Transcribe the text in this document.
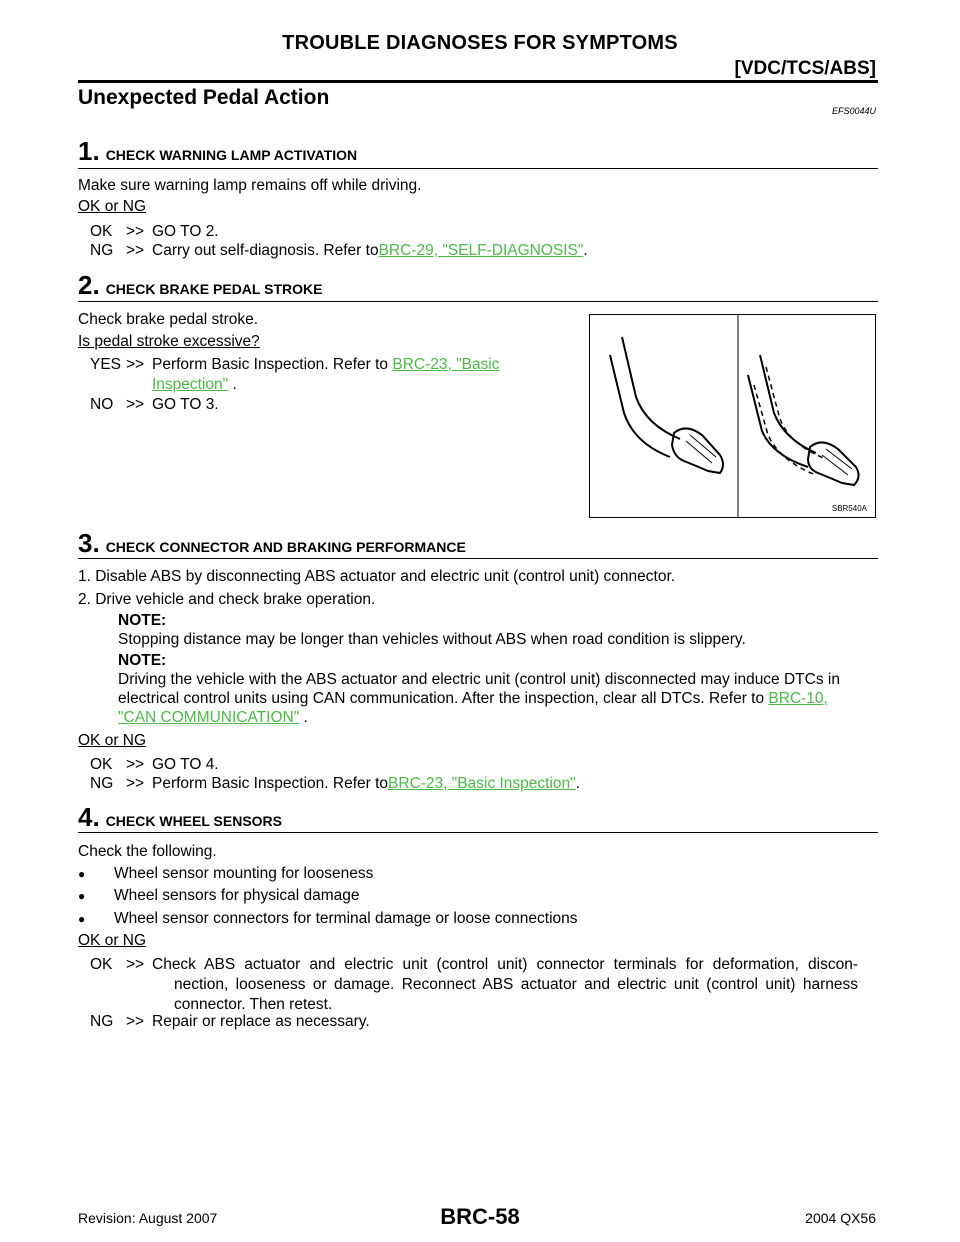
TROUBLE DIAGNOSES FOR SYMPTOMS
[VDC/TCS/ABS]
Unexpected Pedal Action
EFS0044U
1. CHECK WARNING LAMP ACTIVATION
Make sure warning lamp remains off while driving.
OK or NG
OK >> GO TO 2.
NG >> Carry out self-diagnosis. Refer to BRC-29, "SELF-DIAGNOSIS" .
2. CHECK BRAKE PEDAL STROKE
Check brake pedal stroke.
Is pedal stroke excessive?
YES >> Perform Basic Inspection. Refer to BRC-23, "Basic
Inspection" .
NO >> GO TO 3.
SBR540A
3. CHECK CONNECTOR AND BRAKING PERFORMANCE
1. Disable ABS by disconnecting ABS actuator and electric unit (control unit) connector.
2. Drive vehicle and check brake operation.
NOTE:
Stopping distance may be longer than vehicles without ABS when road condition is slippery.
NOTE:
Driving the vehicle with the ABS actuator and electric unit (control unit) disconnected may induce DTCs in
electrical control units using CAN communication. After the inspection, clear all DTCs. Refer to BRC-10,
"CAN COMMUNICATION" .
OK or NG
OK >> GO TO 4.
NG >> Perform Basic Inspection. Refer to BRC-23, "Basic Inspection" .
4. CHECK WHEEL SENSORS
Check the following.
●	Wheel sensor mounting for looseness
●	Wheel sensors for physical damage
●	Wheel sensor connectors for terminal damage or loose connections
OK or NG
OK >> Check ABS actuator and electric unit (control unit) connector terminals for deformation, discon-
nection, looseness or damage. Reconnect ABS actuator and electric unit (control unit) harness
connector. Then retest.
NG >> Repair or replace as necessary.
Revision: August 2007	BRC-58	2004 QX56
